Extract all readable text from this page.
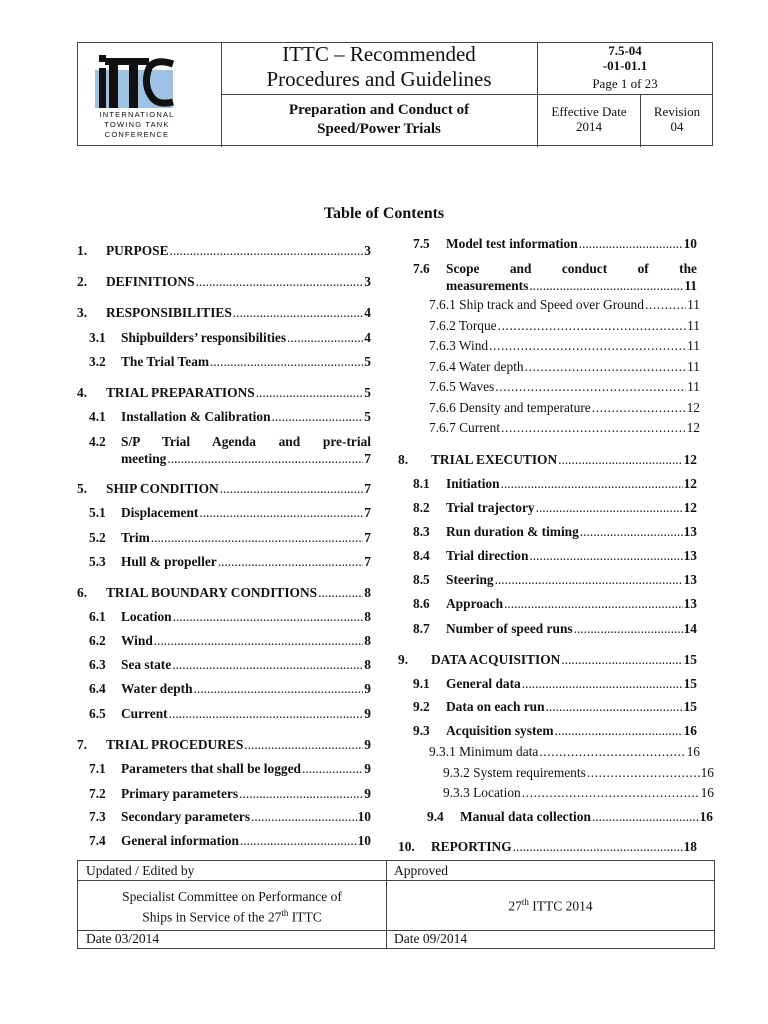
INTERNATIONAL
TOWING TANK
CONFERENCE
ITTC – Recommended
Procedures and Guidelines
7.5-04
-01-01.1
Page 1 of 23
Preparation and Conduct of
Speed/Power Trials
Effective Date
2014
Revision
04
Table of Contents
1.	PURPOSE .....	3
2.	DEFINITIONS .....	3
3.	RESPONSIBILITIES .....	4
3.1	Shipbuilders’ responsibilities .....	4
3.2	The Trial Team .....	5
4.	TRIAL PREPARATIONS .....	5
4.1	Installation & Calibration .....	5
4.2	S/P Trial Agenda and pre-trial
meeting .....	7
5.	SHIP CONDITION .....	7
5.1	Displacement .....	7
5.2	Trim .....	7
5.3	Hull & propeller .....	7
6.	TRIAL BOUNDARY CONDITIONS .....	8
6.1	Location .....	8
6.2	Wind .....	8
6.3	Sea state .....	8
6.4	Water depth .....	9
6.5	Current .....	9
7.	TRIAL PROCEDURES .....	9
7.1	Parameters that shall be logged .....	9
7.2	Primary parameters .....	9
7.3	Secondary parameters .....	10
7.4	General information .....	10
7.5	Model test information .....	10
7.6	Scope and conduct of the
measurements .....	11
7.6.1 Ship track and Speed over Ground .....	11
7.6.2 Torque .....	11
7.6.3 Wind .....	11
7.6.4 Water depth .....	11
7.6.5 Waves .....	11
7.6.6 Density and temperature .....	12
7.6.7 Current .....	12
8.	TRIAL EXECUTION .....	12
8.1	Initiation .....	12
8.2	Trial trajectory .....	12
8.3	Run duration & timing .....	13
8.4	Trial direction .....	13
8.5	Steering .....	13
8.6	Approach .....	13
8.7	Number of speed runs .....	14
9.	DATA ACQUISITION .....	15
9.1	General data .....	15
9.2	Data on each run .....	15
9.3	Acquisition system .....	16
9.3.1 Minimum data .....	16
9.3.2 System requirements .....	16
9.3.3 Location .....	16
9.4	Manual data collection .....	16
10.	REPORTING .....	18
Updated / Edited by	Approved
Specialist Committee on Performance of
Ships in Service of the 27th ITTC
27th ITTC 2014
Date 03/2014	Date 09/2014
